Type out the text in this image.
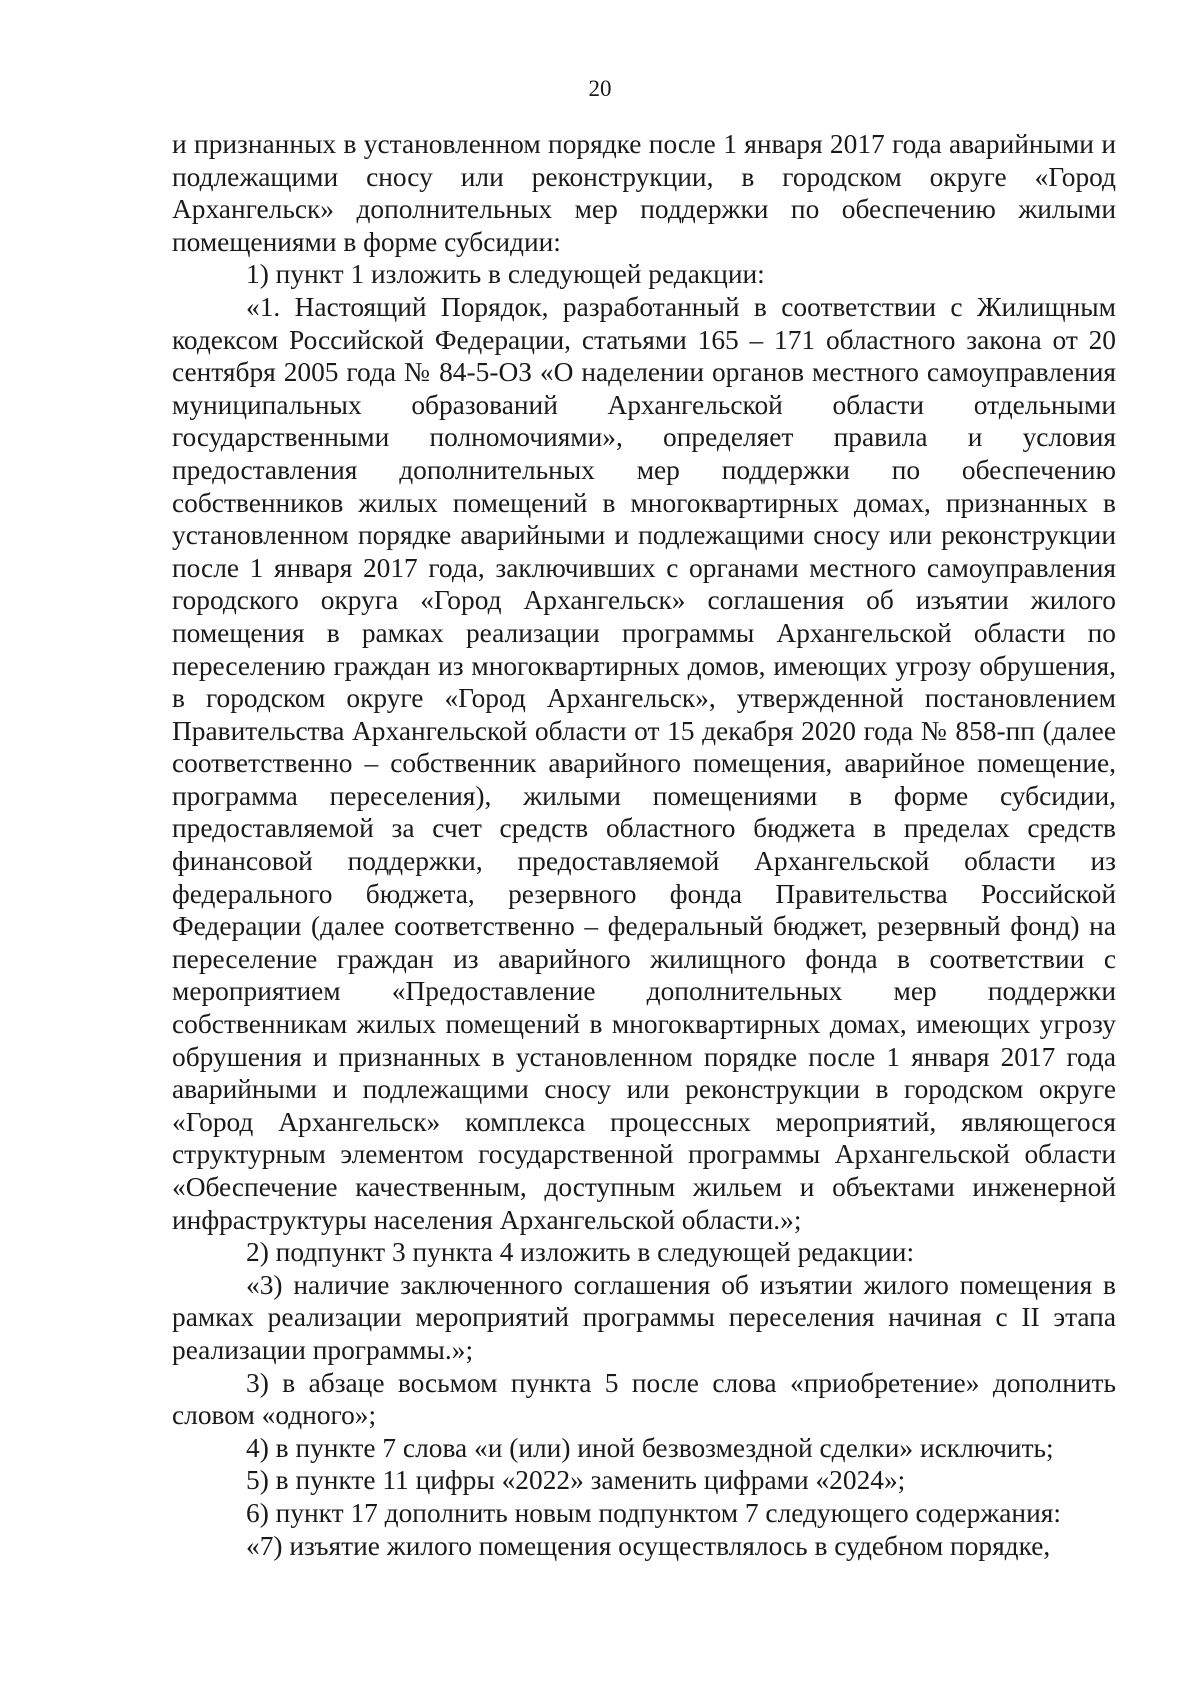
20

и признанных в установленном порядке после 1 января 2017 года аварийными и подлежащими сносу или реконструкции, в городском округе «Город Архангельск» дополнительных мер поддержки по обеспечению жилыми помещениями в форме субсидии:

1) пункт 1 изложить в следующей редакции:

«1. Настоящий Порядок, разработанный в соответствии с Жилищным кодексом Российской Федерации, статьями 165 – 171 областного закона от 20 сентября 2005 года № 84-5-ОЗ «О наделении органов местного самоуправления муниципальных образований Архангельской области отдельными государственными полномочиями», определяет правила и условия предоставления дополнительных мер поддержки по обеспечению собственников жилых помещений в многоквартирных домах, признанных в установленном порядке аварийными и подлежащими сносу или реконструкции после 1 января 2017 года, заключивших с органами местного самоуправления городского округа «Город Архангельск» соглашения об изъятии жилого помещения в рамках реализации программы Архангельской области по переселению граждан из многоквартирных домов, имеющих угрозу обрушения, в городском округе «Город Архангельск», утвержденной постановлением Правительства Архангельской области от 15 декабря 2020 года № 858-пп (далее соответственно – собственник аварийного помещения, аварийное помещение, программа переселения), жилыми помещениями в форме субсидии, предоставляемой за счет средств областного бюджета в пределах средств финансовой поддержки, предоставляемой Архангельской области из федерального бюджета, резервного фонда Правительства Российской Федерации (далее соответственно – федеральный бюджет, резервный фонд) на переселение граждан из аварийного жилищного фонда в соответствии с мероприятием «Предоставление дополнительных мер поддержки собственникам жилых помещений в многоквартирных домах, имеющих угрозу обрушения и признанных в установленном порядке после 1 января 2017 года аварийными и подлежащими сносу или реконструкции в городском округе «Город Архангельск» комплекса процессных мероприятий, являющегося структурным элементом государственной программы Архангельской области «Обеспечение качественным, доступным жильем и объектами инженерной инфраструктуры населения Архангельской области.»;

2) подпункт 3 пункта 4 изложить в следующей редакции:

«3) наличие заключенного соглашения об изъятии жилого помещения в рамках реализации мероприятий программы переселения начиная с II этапа реализации программы.»;

3) в абзаце восьмом пункта 5 после слова «приобретение» дополнить словом «одного»;

4) в пункте 7 слова «и (или) иной безвозмездной сделки» исключить;

5) в пункте 11 цифры «2022» заменить цифрами «2024»;

6) пункт 17 дополнить новым подпунктом 7 следующего содержания:

«7) изъятие жилого помещения осуществлялось в судебном порядке,
